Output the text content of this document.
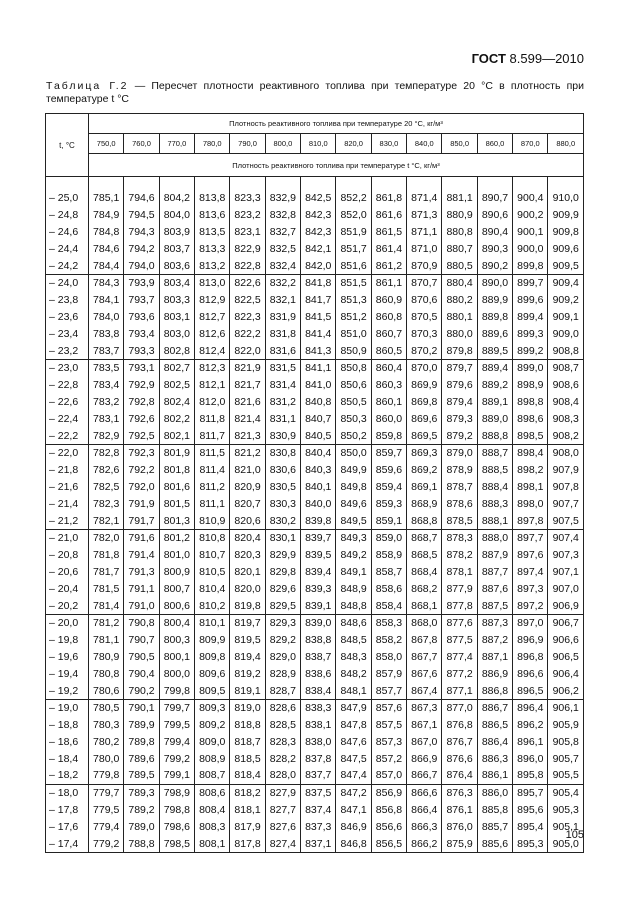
ГОСТ 8.599—2010
Таблица Г.2 — Пересчет плотности реактивного топлива при температуре 20 °С в плотность при температуре t °С
t, °С	Плотность реактивного топлива при температуре 20 °С, кг/м³													
	750,0	760,0	770,0	780,0	790,0	800,0	810,0	820,0	830,0	840,0	850,0	860,0	870,0	880,0
	Плотность реактивного топлива при температуре t °С, кг/м³													

– 25,0	785,1	794,6	804,2	813,8	823,3	832,9	842,5	852,2	861,8	871,4	881,1	890,7	900,4	910,0
– 24,8	784,9	794,5	804,0	813,6	823,2	832,8	842,3	852,0	861,6	871,3	880,9	890,6	900,2	909,9
– 24,6	784,8	794,3	803,9	813,5	823,1	832,7	842,3	851,9	861,5	871,1	880,8	890,4	900,1	909,8
– 24,4	784,6	794,2	803,7	813,3	822,9	832,5	842,1	851,7	861,4	871,0	880,7	890,3	900,0	909,6
– 24,2	784,4	794,0	803,6	813,2	822,8	832,4	842,0	851,6	861,2	870,9	880,5	890,2	899,8	909,5
– 24,0	784,3	793,9	803,4	813,0	822,6	832,2	841,8	851,5	861,1	870,7	880,4	890,0	899,7	909,4
– 23,8	784,1	793,7	803,3	812,9	822,5	832,1	841,7	851,3	860,9	870,6	880,2	889,9	899,6	909,2
– 23,6	784,0	793,6	803,1	812,7	822,3	831,9	841,5	851,2	860,8	870,5	880,1	889,8	899,4	909,1
– 23,4	783,8	793,4	803,0	812,6	822,2	831,8	841,4	851,0	860,7	870,3	880,0	889,6	899,3	909,0
– 23,2	783,7	793,3	802,8	812,4	822,0	831,6	841,3	850,9	860,5	870,2	879,8	889,5	899,2	908,8
– 23,0	783,5	793,1	802,7	812,3	821,9	831,5	841,1	850,8	860,4	870,0	879,7	889,4	899,0	908,7
– 22,8	783,4	792,9	802,5	812,1	821,7	831,4	841,0	850,6	860,3	869,9	879,6	889,2	898,9	908,6
– 22,6	783,2	792,8	802,4	812,0	821,6	831,2	840,8	850,5	860,1	869,8	879,4	889,1	898,8	908,4
– 22,4	783,1	792,6	802,2	811,8	821,4	831,1	840,7	850,3	860,0	869,6	879,3	889,0	898,6	908,3
– 22,2	782,9	792,5	802,1	811,7	821,3	830,9	840,5	850,2	859,8	869,5	879,2	888,8	898,5	908,2
– 22,0	782,8	792,3	801,9	811,5	821,2	830,8	840,4	850,0	859,7	869,3	879,0	888,7	898,4	908,0
– 21,8	782,6	792,2	801,8	811,4	821,0	830,6	840,3	849,9	859,6	869,2	878,9	888,5	898,2	907,9
– 21,6	782,5	792,0	801,6	811,2	820,9	830,5	840,1	849,8	859,4	869,1	878,7	888,4	898,1	907,8
– 21,4	782,3	791,9	801,5	811,1	820,7	830,3	840,0	849,6	859,3	868,9	878,6	888,3	898,0	907,7
– 21,2	782,1	791,7	801,3	810,9	820,6	830,2	839,8	849,5	859,1	868,8	878,5	888,1	897,8	907,5
– 21,0	782,0	791,6	801,2	810,8	820,4	830,1	839,7	849,3	859,0	868,7	878,3	888,0	897,7	907,4
– 20,8	781,8	791,4	801,0	810,7	820,3	829,9	839,5	849,2	858,9	868,5	878,2	887,9	897,6	907,3
– 20,6	781,7	791,3	800,9	810,5	820,1	829,8	839,4	849,1	858,7	868,4	878,1	887,7	897,4	907,1
– 20,4	781,5	791,1	800,7	810,4	820,0	829,6	839,3	848,9	858,6	868,2	877,9	887,6	897,3	907,0
– 20,2	781,4	791,0	800,6	810,2	819,8	829,5	839,1	848,8	858,4	868,1	877,8	887,5	897,2	906,9
– 20,0	781,2	790,8	800,4	810,1	819,7	829,3	839,0	848,6	858,3	868,0	877,6	887,3	897,0	906,7
– 19,8	781,1	790,7	800,3	809,9	819,5	829,2	838,8	848,5	858,2	867,8	877,5	887,2	896,9	906,6
– 19,6	780,9	790,5	800,1	809,8	819,4	829,0	838,7	848,3	858,0	867,7	877,4	887,1	896,8	906,5
– 19,4	780,8	790,4	800,0	809,6	819,2	828,9	838,6	848,2	857,9	867,6	877,2	886,9	896,6	906,4
– 19,2	780,6	790,2	799,8	809,5	819,1	828,7	838,4	848,1	857,7	867,4	877,1	886,8	896,5	906,2
– 19,0	780,5	790,1	799,7	809,3	819,0	828,6	838,3	847,9	857,6	867,3	877,0	886,7	896,4	906,1
– 18,8	780,3	789,9	799,5	809,2	818,8	828,5	838,1	847,8	857,5	867,1	876,8	886,5	896,2	905,9
– 18,6	780,2	789,8	799,4	809,0	818,7	828,3	838,0	847,6	857,3	867,0	876,7	886,4	896,1	905,8
– 18,4	780,0	789,6	799,2	808,9	818,5	828,2	837,8	847,5	857,2	866,9	876,6	886,3	896,0	905,7
– 18,2	779,8	789,5	799,1	808,7	818,4	828,0	837,7	847,4	857,0	866,7	876,4	886,1	895,8	905,5
– 18,0	779,7	789,3	798,9	808,6	818,2	827,9	837,5	847,2	856,9	866,6	876,3	886,0	895,7	905,4
– 17,8	779,5	789,2	798,8	808,4	818,1	827,7	837,4	847,1	856,8	866,4	876,1	885,8	895,6	905,3
– 17,6	779,4	789,0	798,6	808,3	817,9	827,6	837,3	846,9	856,6	866,3	876,0	885,7	895,4	905,1
– 17,4	779,2	788,8	798,5	808,1	817,8	827,4	837,1	846,8	856,5	866,2	875,9	885,6	895,3	905,0
105
